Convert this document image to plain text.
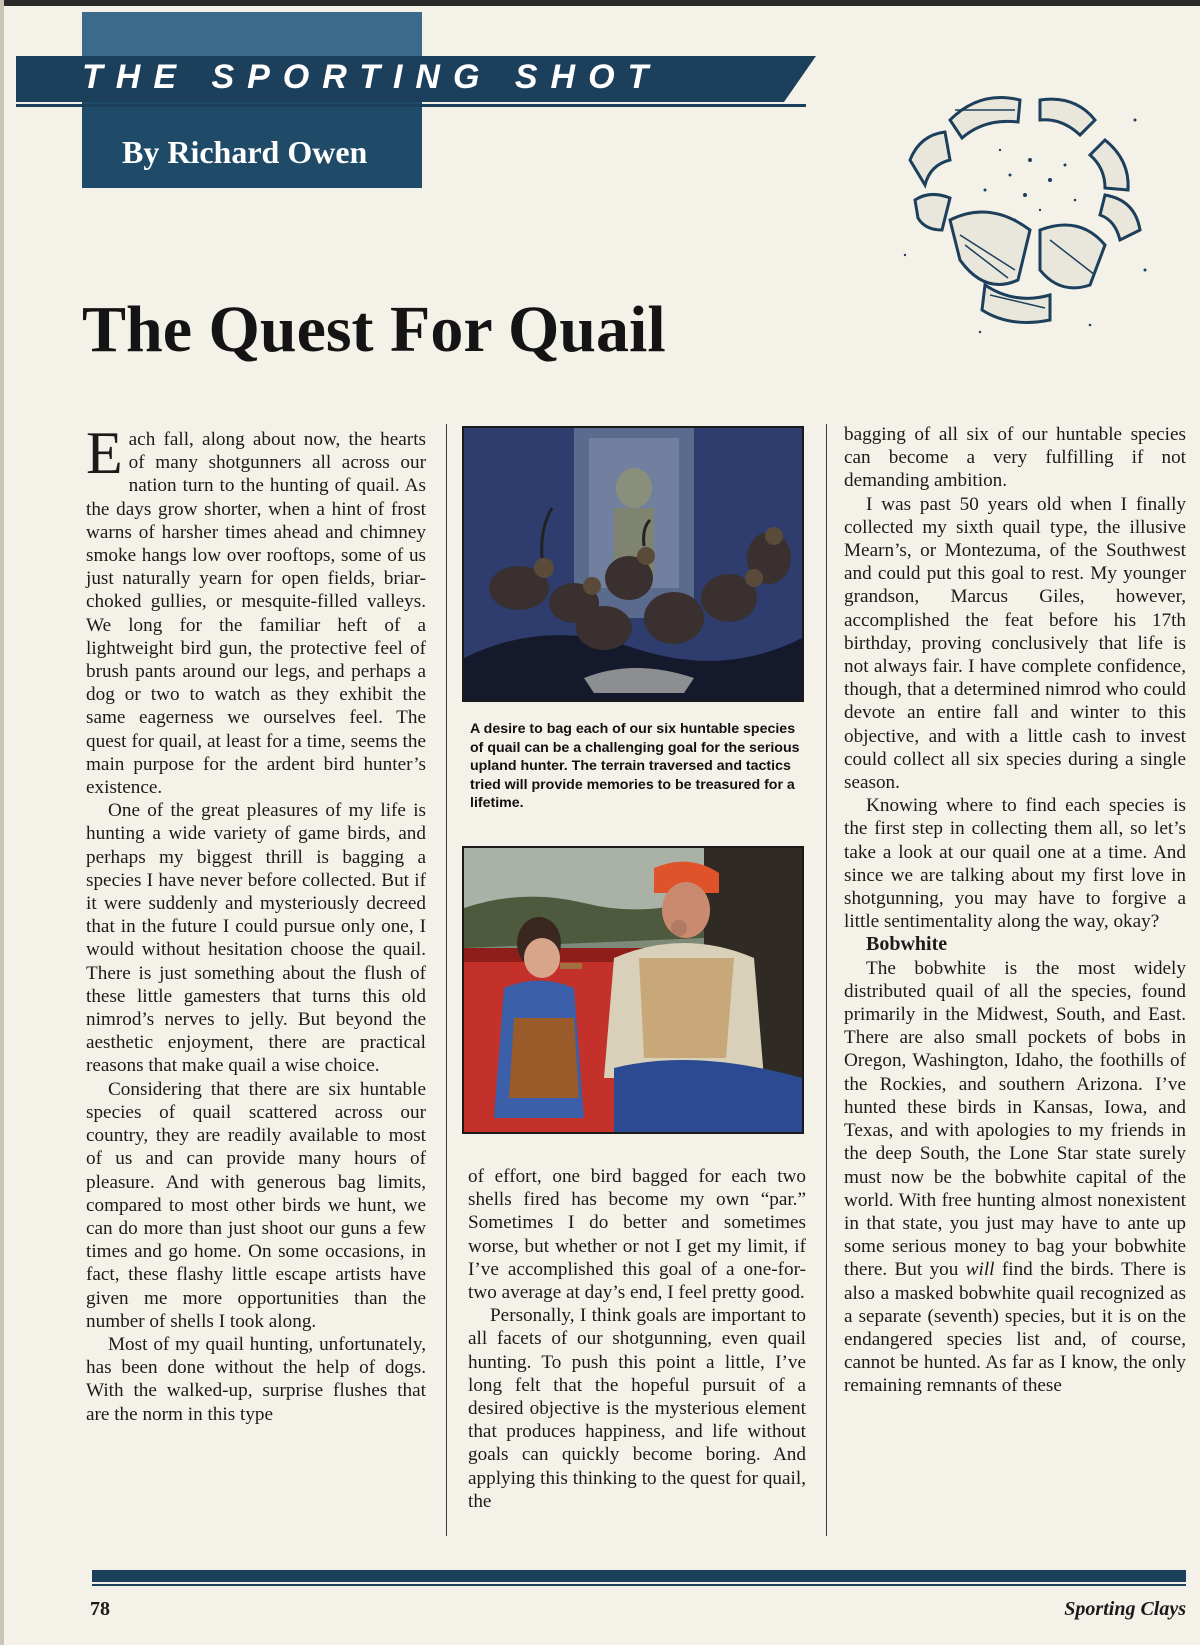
By Richard Owen
THE SPORTING SHOT
The Quest For Quail

Each fall, along about now, the hearts of many shotgunners all across our nation turn to the hunting of quail. As the days grow shorter, when a hint of frost warns of harsher times ahead and chimney smoke hangs low over rooftops, some of us just naturally yearn for open fields, briar-choked gullies, or mesquite-filled valleys. We long for the familiar heft of a lightweight bird gun, the protective feel of brush pants around our legs, and perhaps a dog or two to watch as they exhibit the same eagerness we ourselves feel. The quest for quail, at least for a time, seems the main purpose for the ardent bird hunter’s existence.

One of the great pleasures of my life is hunting a wide variety of game birds, and perhaps my biggest thrill is bagging a species I have never before collected. But if it were suddenly and mysteriously decreed that in the future I could pursue only one, I would without hesitation choose the quail. There is just something about the flush of these little gamesters that turns this old nimrod’s nerves to jelly. But beyond the aesthetic enjoyment, there are practical reasons that make quail a wise choice.

Considering that there are six huntable species of quail scattered across our country, they are readily available to most of us and can provide many hours of pleasure. And with generous bag limits, compared to most other birds we hunt, we can do more than just shoot our guns a few times and go home. On some occasions, in fact, these flashy little escape artists have given me more opportunities than the number of shells I took along.

Most of my quail hunting, unfortunately, has been done without the help of dogs. With the walked-up, surprise flushes that are the norm in this type

A desire to bag each of our six huntable species of quail can be a challenging goal for the serious upland hunter. The terrain traversed and tactics tried will provide memories to be treasured for a lifetime.

of effort, one bird bagged for each two shells fired has become my own “par.” Sometimes I do better and sometimes worse, but whether or not I get my limit, if I’ve accomplished this goal of a one-for-two average at day’s end, I feel pretty good.

Personally, I think goals are important to all facets of our shotgunning, even quail hunting. To push this point a little, I’ve long felt that the hopeful pursuit of a desired objective is the mysterious element that produces happiness, and life without goals can quickly become boring. And applying this thinking to the quest for quail, the

bagging of all six of our huntable species can become a very fulfilling if not demanding ambition.

I was past 50 years old when I finally collected my sixth quail type, the illusive Mearn’s, or Montezuma, of the Southwest and could put this goal to rest. My younger grandson, Marcus Giles, however, accomplished the feat before his 17th birthday, proving conclusively that life is not always fair. I have complete confidence, though, that a determined nimrod who could devote an entire fall and winter to this objective, and with a little cash to invest could collect all six species during a single season.

Knowing where to find each species is the first step in collecting them all, so let’s take a look at our quail one at a time. And since we are talking about my first love in shotgunning, you may have to forgive a little sentimentality along the way, okay?

Bobwhite

The bobwhite is the most widely distributed quail of all the species, found primarily in the Midwest, South, and East. There are also small pockets of bobs in Oregon, Washington, Idaho, the foothills of the Rockies, and southern Arizona. I’ve hunted these birds in Kansas, Iowa, and Texas, and with apologies to my friends in the deep South, the Lone Star state surely must now be the bobwhite capital of the world. With free hunting almost nonexistent in that state, you just may have to ante up some serious money to bag your bobwhite there. But you will find the birds. There is also a masked bobwhite quail recognized as a separate (seventh) species, but it is on the endangered species list and, of course, cannot be hunted. As far as I know, the only remaining remnants of these

78	Sporting Clays
